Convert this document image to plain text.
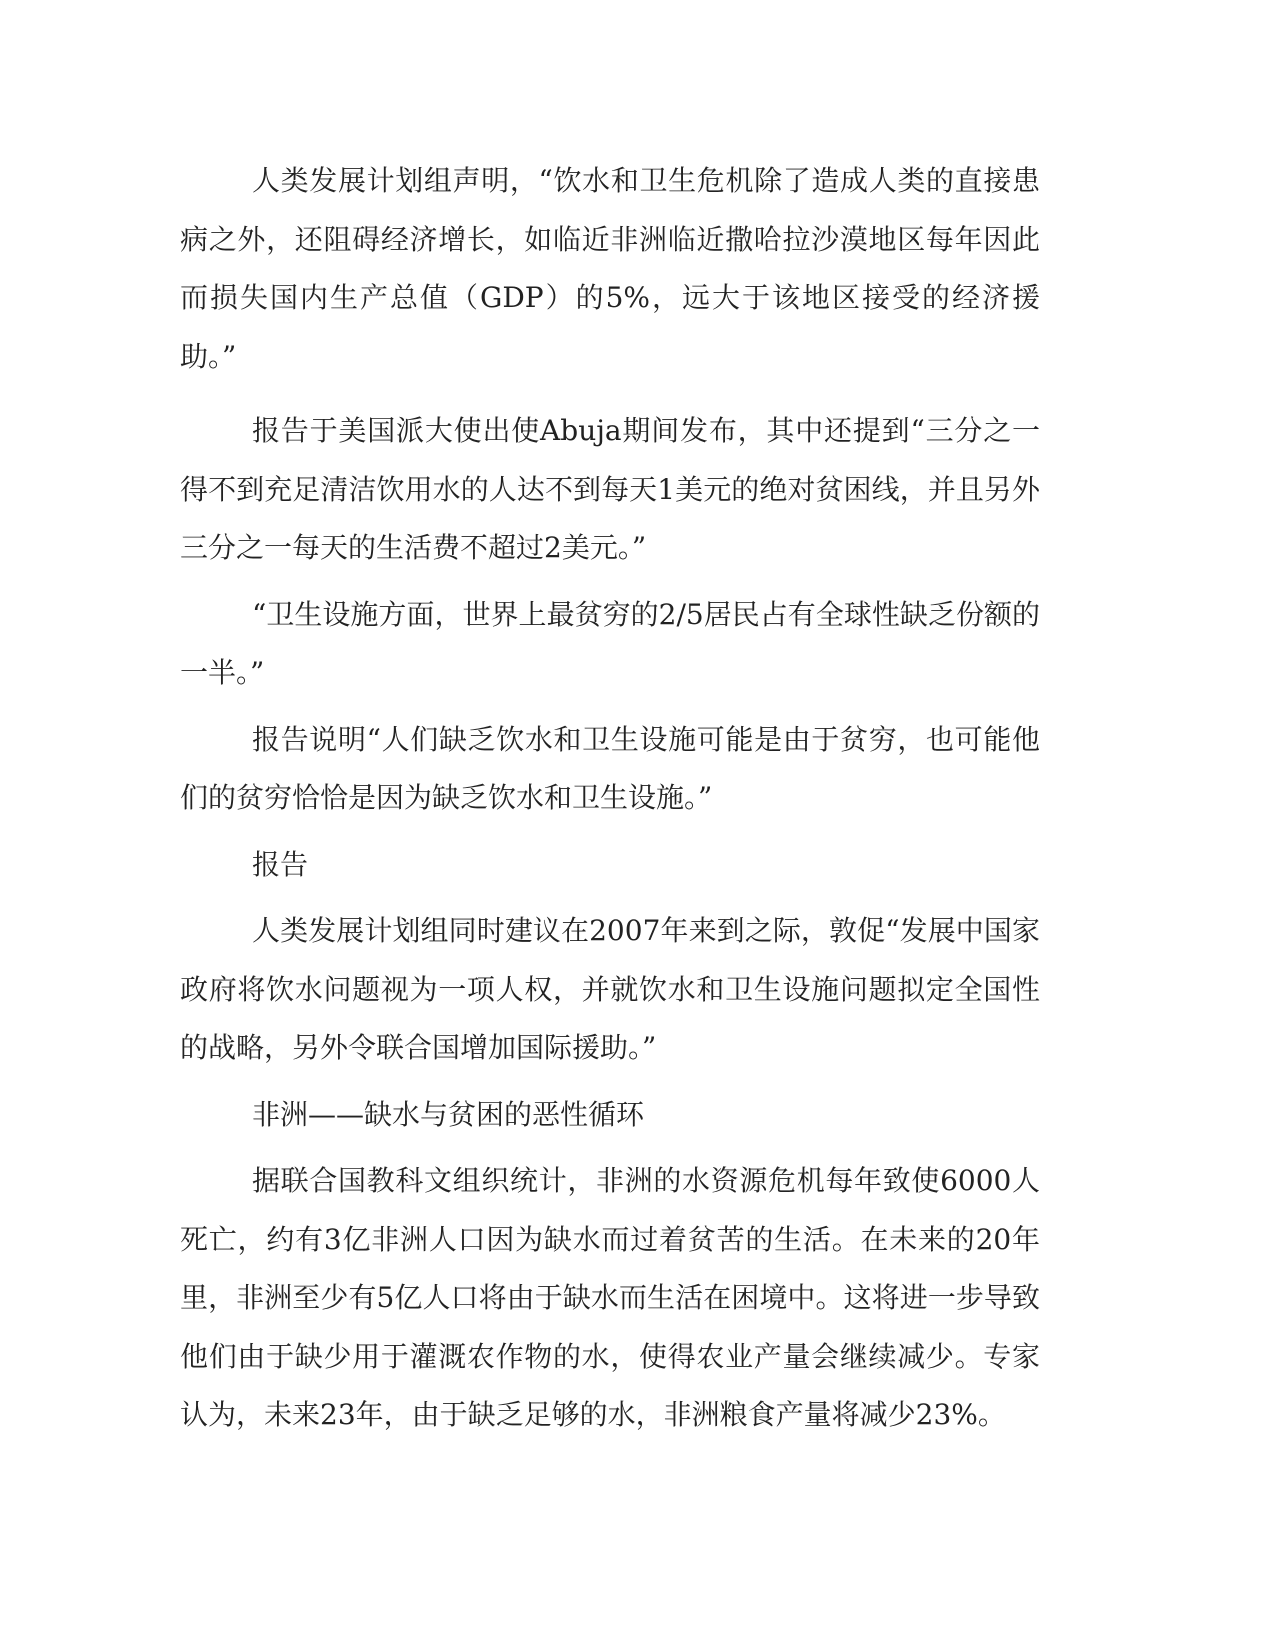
人类发展计划组声明，“饮水和卫生危机除了造成人类的直接患病之外，还阻碍经济增长，如临近非洲临近撒哈拉沙漠地区每年因此而损失国内生产总值（GDP）的5%，远大于该地区接受的经济援助。”

报告于美国派大使出使Abuja期间发布，其中还提到“三分之一得不到充足清洁饮用水的人达不到每天1美元的绝对贫困线，并且另外三分之一每天的生活费不超过2美元。”

“卫生设施方面，世界上最贫穷的2/5居民占有全球性缺乏份额的一半。”

报告说明“人们缺乏饮水和卫生设施可能是由于贫穷，也可能他们的贫穷恰恰是因为缺乏饮水和卫生设施。”

报告

人类发展计划组同时建议在2007年来到之际，敦促“发展中国家政府将饮水问题视为一项人权，并就饮水和卫生设施问题拟定全国性的战略，另外令联合国增加国际援助。”

非洲——缺水与贫困的恶性循环

据联合国教科文组织统计，非洲的水资源危机每年致使6000人死亡，约有3亿非洲人口因为缺水而过着贫苦的生活。在未来的20年里，非洲至少有5亿人口将由于缺水而生活在困境中。这将进一步导致他们由于缺少用于灌溉农作物的水，使得农业产量会继续减少。专家认为，未来23年，由于缺乏足够的水，非洲粮食产量将减少23%。
